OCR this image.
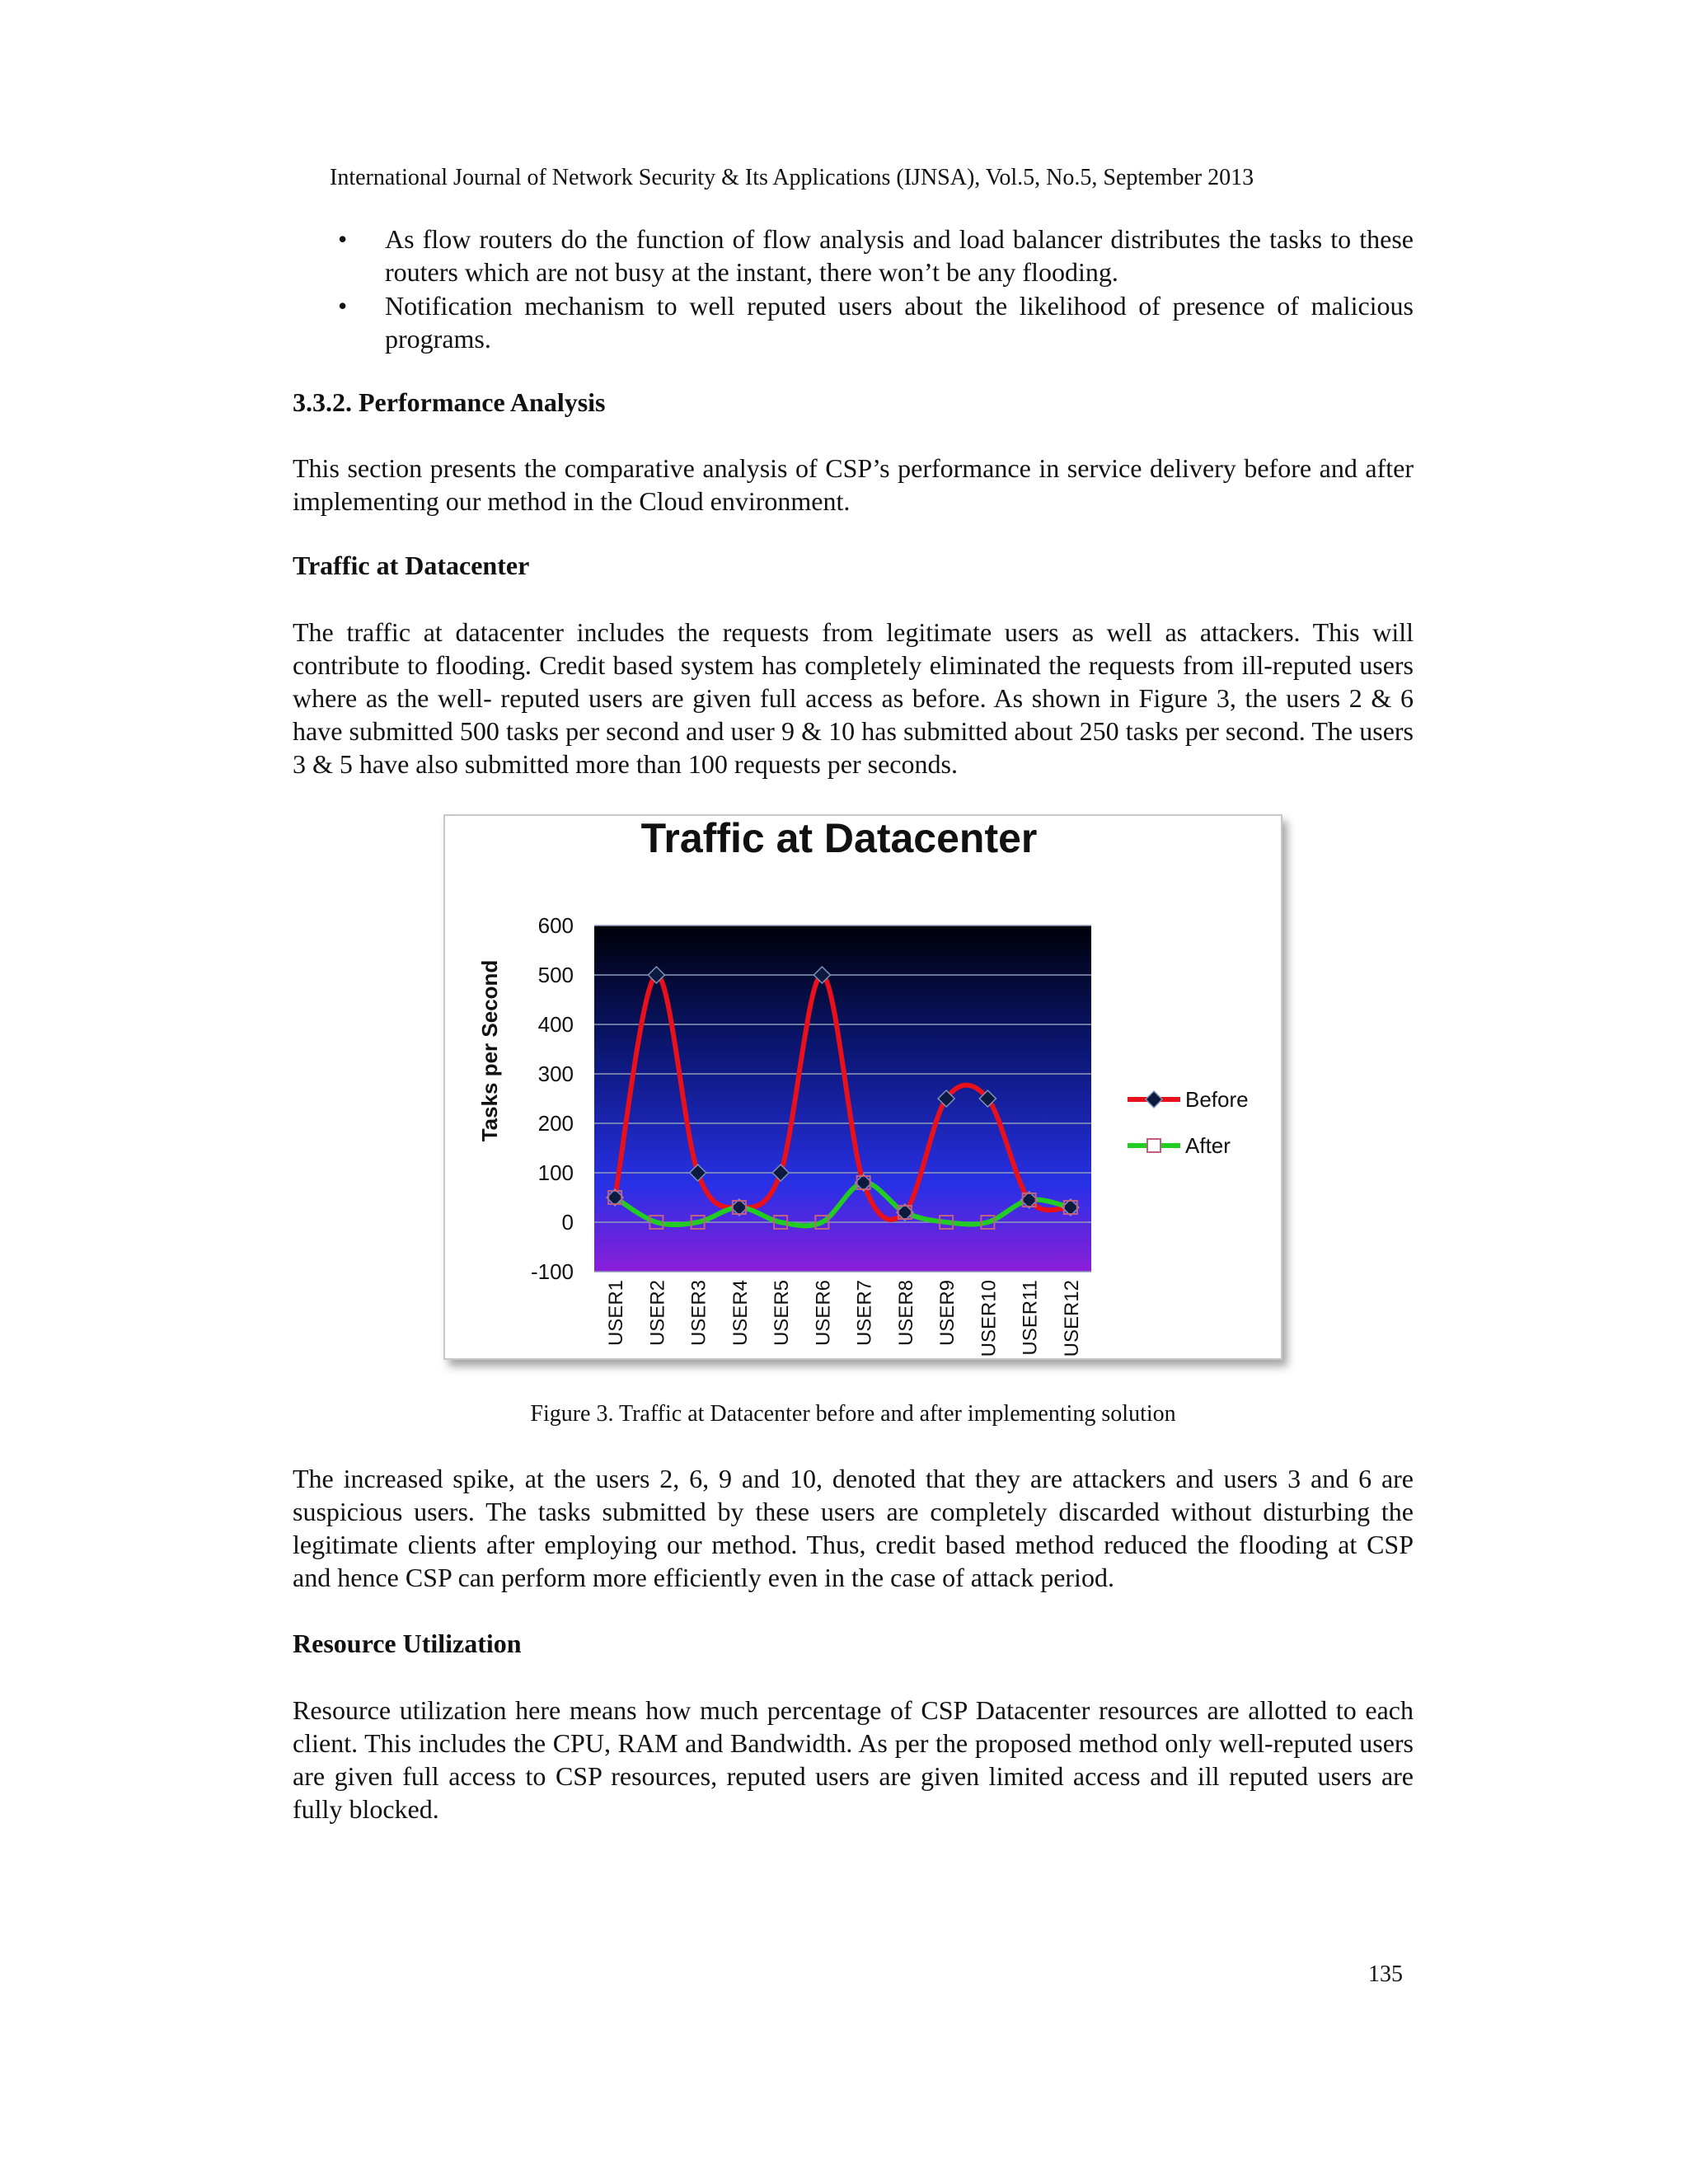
International Journal of Network Security & Its Applications (IJNSA), Vol.5, No.5, September 2013
• As flow routers do the function of flow analysis and load balancer distributes the tasks to these routers which are not busy at the instant, there won’t be any flooding.
• Notification mechanism to well reputed users about the likelihood of presence of malicious programs.
3.3.2. Performance Analysis
This section presents the comparative analysis of CSP’s performance in service delivery before and after implementing our method in the Cloud environment.
Traffic at Datacenter
The traffic at datacenter includes the requests from legitimate users as well as attackers. This will contribute to flooding. Credit based system has completely eliminated the requests from ill-reputed users where as the well- reputed users are given full access as before. As shown in Figure 3, the users 2 & 6 have submitted 500 tasks per second and user 9 & 10 has submitted about 250 tasks per second. The users 3 & 5 have also submitted more than 100 requests per seconds.
Traffic at Datacenter
Tasks per Second
-100
0
100
200
300
400
500
600
USER1 USER2 USER3 USER4 USER5 USER6 USER7 USER8 USER9 USER10 USER11 USER12
Before
After
Figure 3. Traffic at Datacenter before and after implementing solution
The increased spike, at the users 2, 6, 9 and 10, denoted that they are attackers and users 3 and 6 are suspicious users. The tasks submitted by these users are completely discarded without disturbing the legitimate clients after employing our method. Thus, credit based method reduced the flooding at CSP and hence CSP can perform more efficiently even in the case of attack period.
Resource Utilization
Resource utilization here means how much percentage of CSP Datacenter resources are allotted to each client. This includes the CPU, RAM and Bandwidth. As per the proposed method only well-reputed users are given full access to CSP resources, reputed users are given limited access and ill reputed users are fully blocked.
135
